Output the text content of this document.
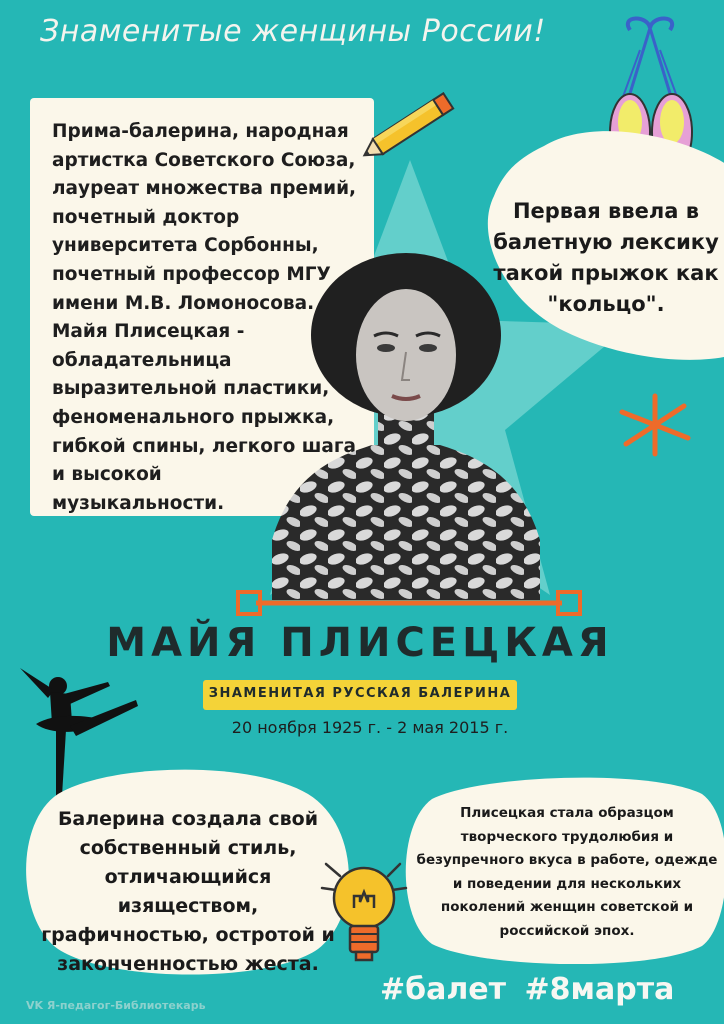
Знаменитые женщины России!
Прима-балерина, народная
артистка Советского Союза,
лауреат множества премий,
почетный доктор
университета Сорбонны,
почетный профессор МГУ
имени М.В. Ломоносова.
Майя Плисецкая -
обладательница
выразительной пластики,
феноменального прыжка,
гибкой спины, легкого шага
и высокой
музыкальности.
Первая ввела в
балетную лексику
такой прыжок как
"кольцо".
МАЙЯ ПЛИСЕЦКАЯ
ЗНАМЕНИТАЯ РУССКАЯ БАЛЕРИНА
20 ноября 1925 г. - 2 мая 2015 г.
Балерина создала свой
собственный стиль,
отличающийся изяществом,
графичностью, остротой и
законченностью жеста.
Плисецкая стала образцом
творческого трудолюбия и
безупречного вкуса в работе, одежде
и поведении для нескольких
поколений женщин советской и
российской эпох.
#балет #8марта
VK Я-педагог-Библиотекарь
